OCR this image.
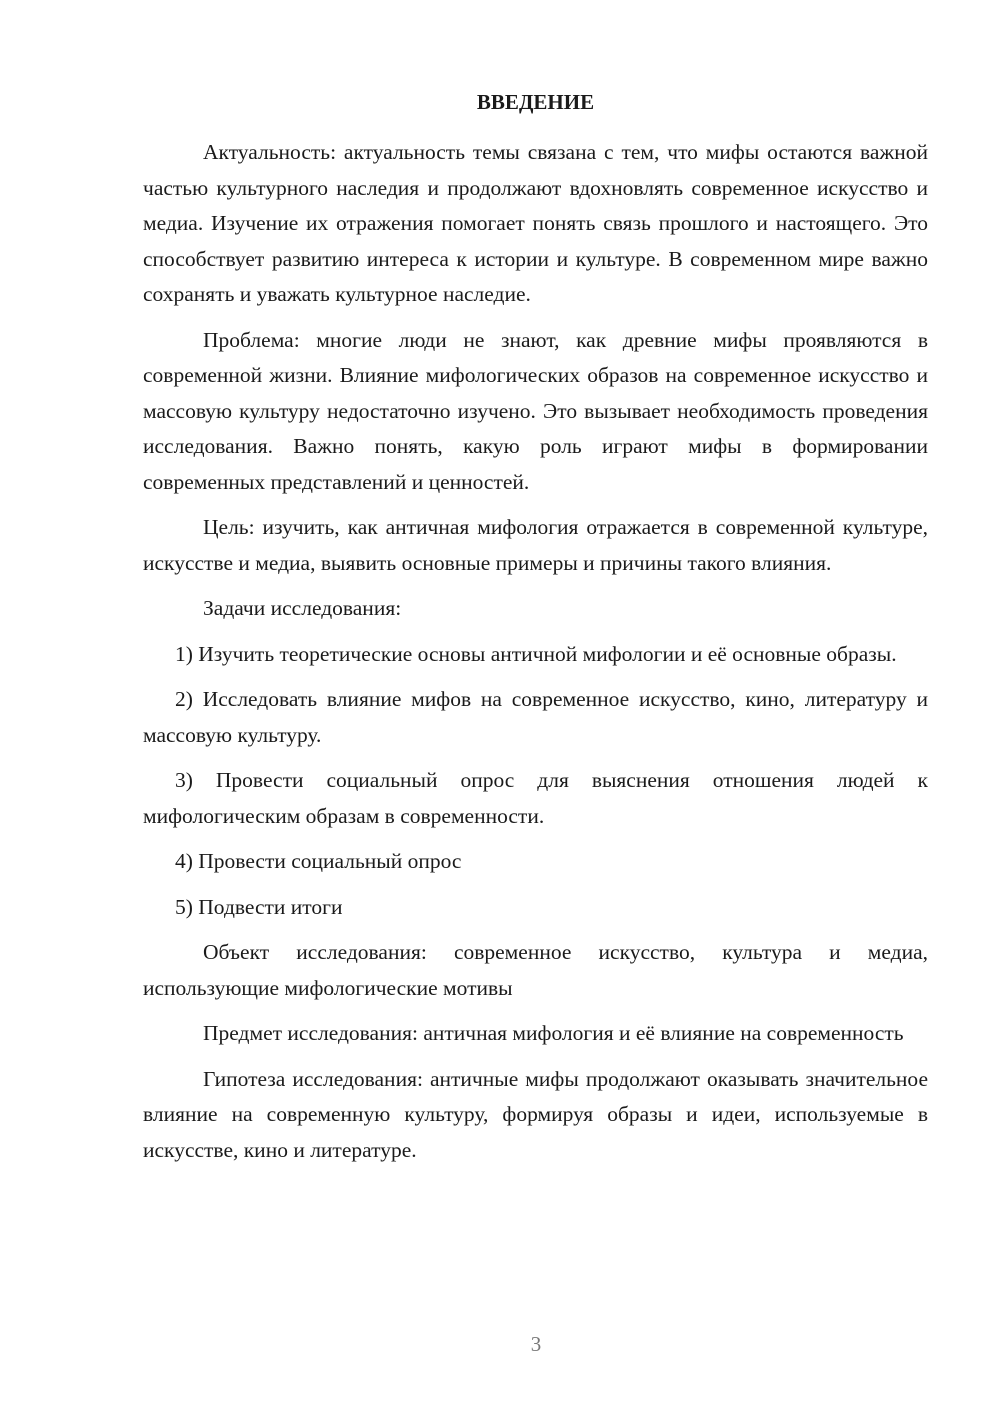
ВВЕДЕНИЕ

Актуальность: актуальность темы связана с тем, что мифы остаются важной частью культурного наследия и продолжают вдохновлять современное искусство и медиа. Изучение их отражения помогает понять связь прошлого и настоящего. Это способствует развитию интереса к истории и культуре. В современном мире важно сохранять и уважать культурное наследие.

Проблема: многие люди не знают, как древние мифы проявляются в современной жизни. Влияние мифологических образов на современное искусство и массовую культуру недостаточно изучено. Это вызывает необходимость проведения исследования. Важно понять, какую роль играют мифы в формировании современных представлений и ценностей.

Цель: изучить, как античная мифология отражается в современной культуре, искусстве и медиа, выявить основные примеры и причины такого влияния.

Задачи исследования:

1) Изучить теоретические основы античной мифологии и её основные образы.

2) Исследовать влияние мифов на современное искусство, кино, литературу и массовую культуру.

3) Провести социальный опрос для выяснения отношения людей к мифологическим образам в современности.

4) Провести социальный опрос

5) Подвести итоги

Объект исследования: современное искусство, культура и медиа, использующие мифологические мотивы

Предмет исследования: античная мифология и её влияние на современность

Гипотеза исследования: античные мифы продолжают оказывать значительное влияние на современную культуру, формируя образы и идеи, используемые в искусстве, кино и литературе.

3
